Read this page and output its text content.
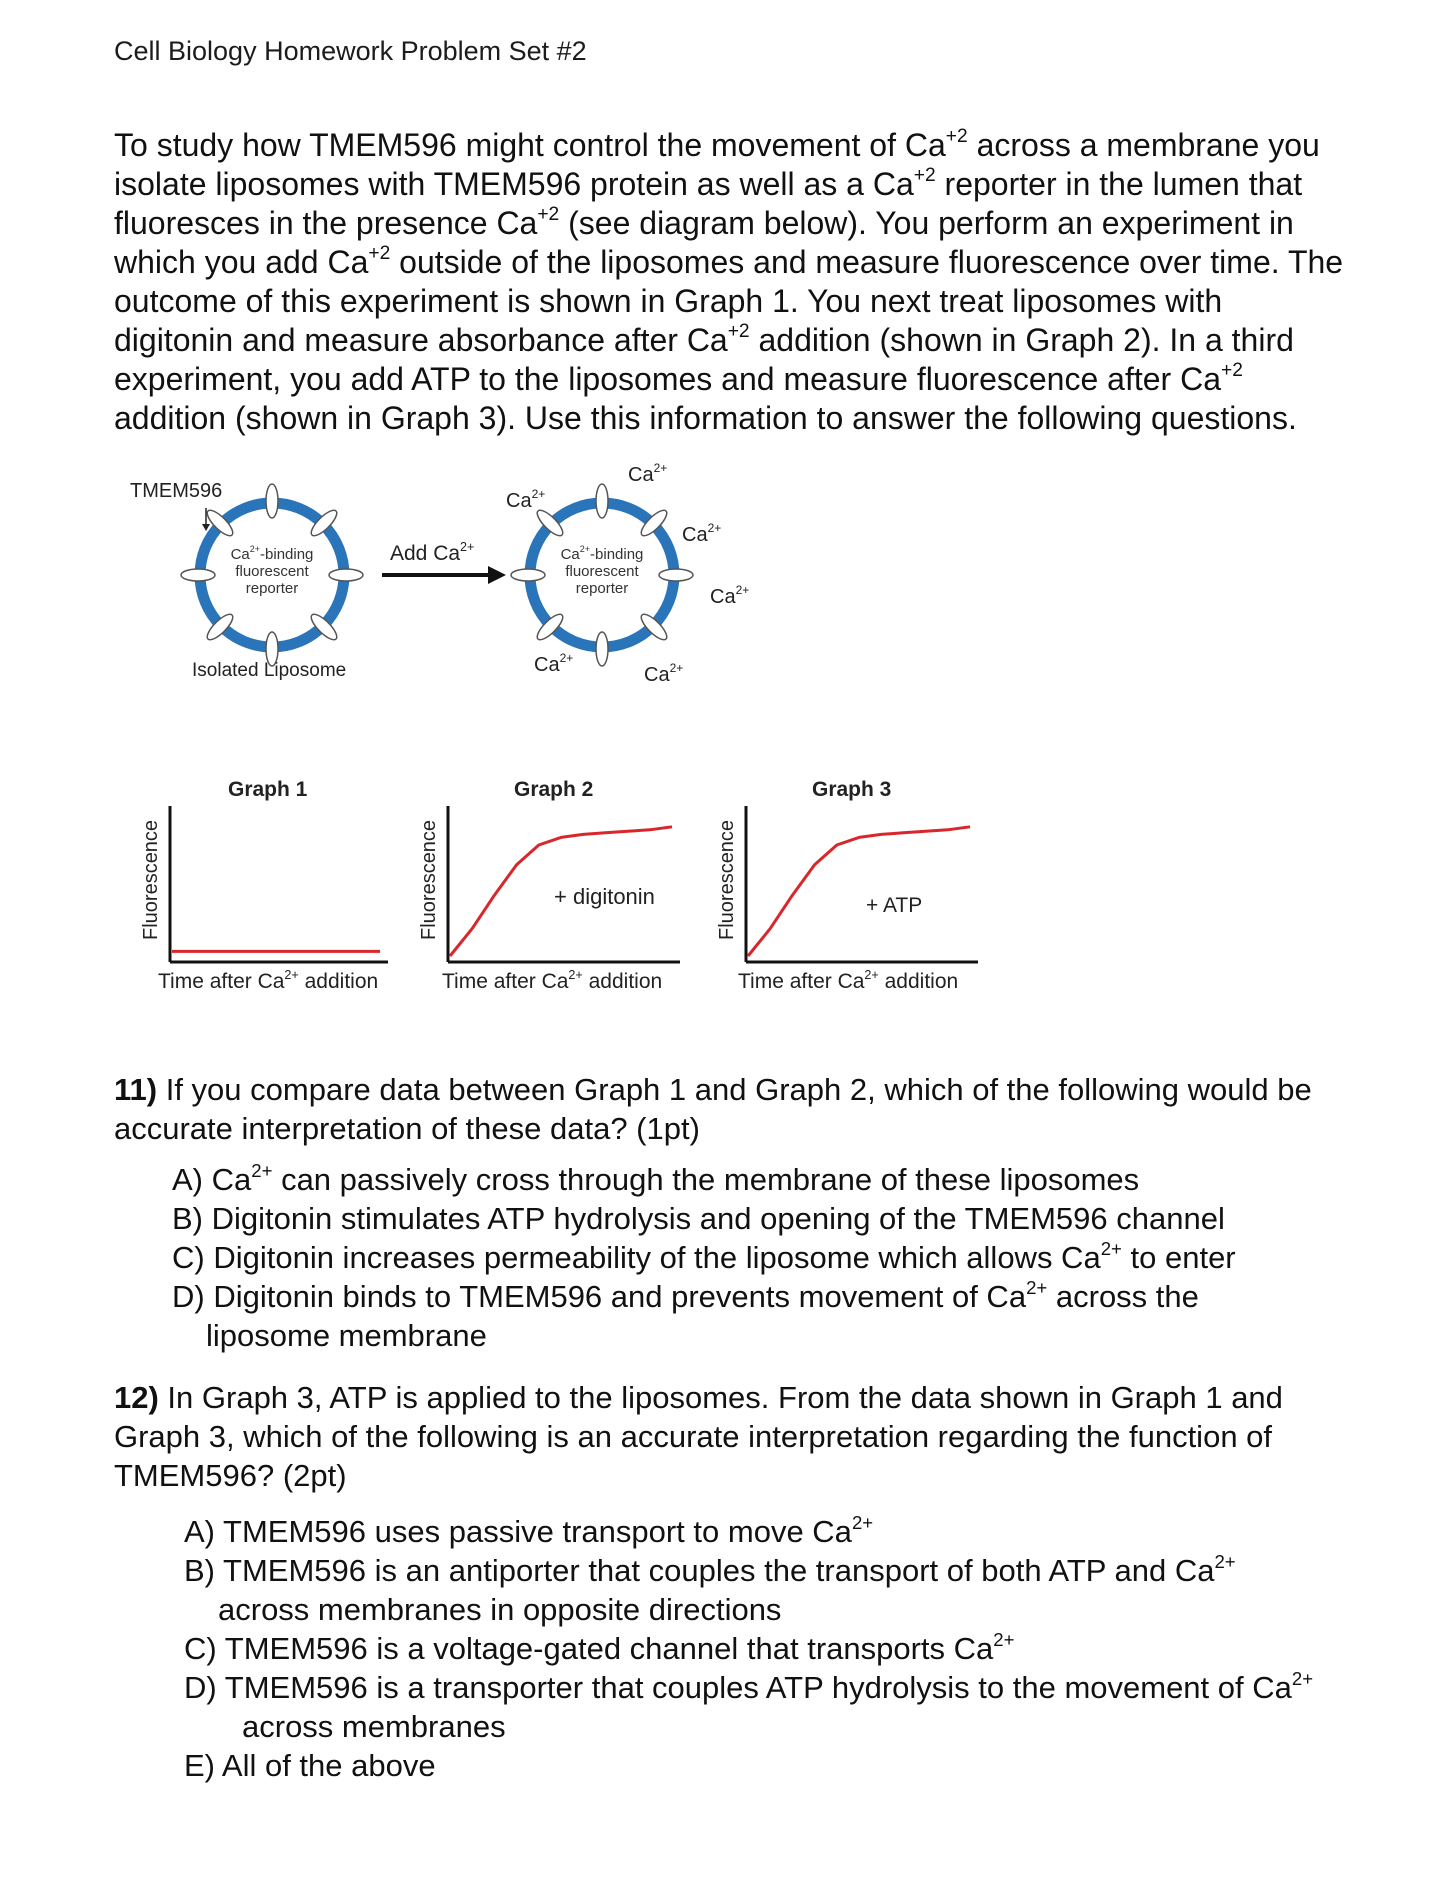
Cell Biology Homework Problem Set #2

To study how TMEM596 might control the movement of $Ca^{+2}$ across a membrane you isolate liposomes with TMEM596 protein as well as a $Ca^{+2}$ reporter in the lumen that fluoresces in the presence $Ca^{+2}$ (see diagram below). You perform an experiment in which you add $Ca^{+2}$ outside of the liposomes and measure fluorescence over time. The outcome of this experiment is shown in Graph 1. You next treat liposomes with digitonin and measure absorbance after $Ca^{+2}$ addition (shown in Graph 2). In a third experiment, you add ATP to the liposomes and measure fluorescence after $Ca^{+2}$ addition (shown in Graph 3). Use this information to answer the following questions.

TMEM596
$Ca^{2+}$-binding
fluorescent
reporter
$Ca^{2+}$-binding
fluorescent
reporter
Isolated Liposome
Add $Ca^{2+}$
$Ca^{2+}$
$Ca^{2+}$
$Ca^{2+}$
$Ca^{2+}$
$Ca^{2+}$
$Ca^{2+}$
Graph 1
Fluorescence
Time after $Ca^{2+}$ addition
Graph 2
Fluorescence
Time after $Ca^{2+}$ addition
+ digitonin
Graph 3
Fluorescence
Time after $Ca^{2+}$ addition
+ ATP

11) If you compare data between Graph 1 and Graph 2, which of the following would be accurate interpretation of these data? (1pt)

A) $Ca^{2+}$ can passively cross through the membrane of these liposomes
B) Digitonin stimulates ATP hydrolysis and opening of the TMEM596 channel
C) Digitonin increases permeability of the liposome which allows $Ca^{2+}$ to enter
D) Digitonin binds to TMEM596 and prevents movement of $Ca^{2+}$ across the
liposome membrane

12) In Graph 3, ATP is applied to the liposomes. From the data shown in Graph 1 and Graph 3, which of the following is an accurate interpretation regarding the function of TMEM596? (2pt)

A) TMEM596 uses passive transport to move $Ca^{2+}$
B) TMEM596 is an antiporter that couples the transport of both ATP and $Ca^{2+}$
across membranes in opposite directions
C) TMEM596 is a voltage-gated channel that transports $Ca^{2+}$
D) TMEM596 is a transporter that couples ATP hydrolysis to the movement of $Ca^{2+}$
across membranes
E) All of the above
